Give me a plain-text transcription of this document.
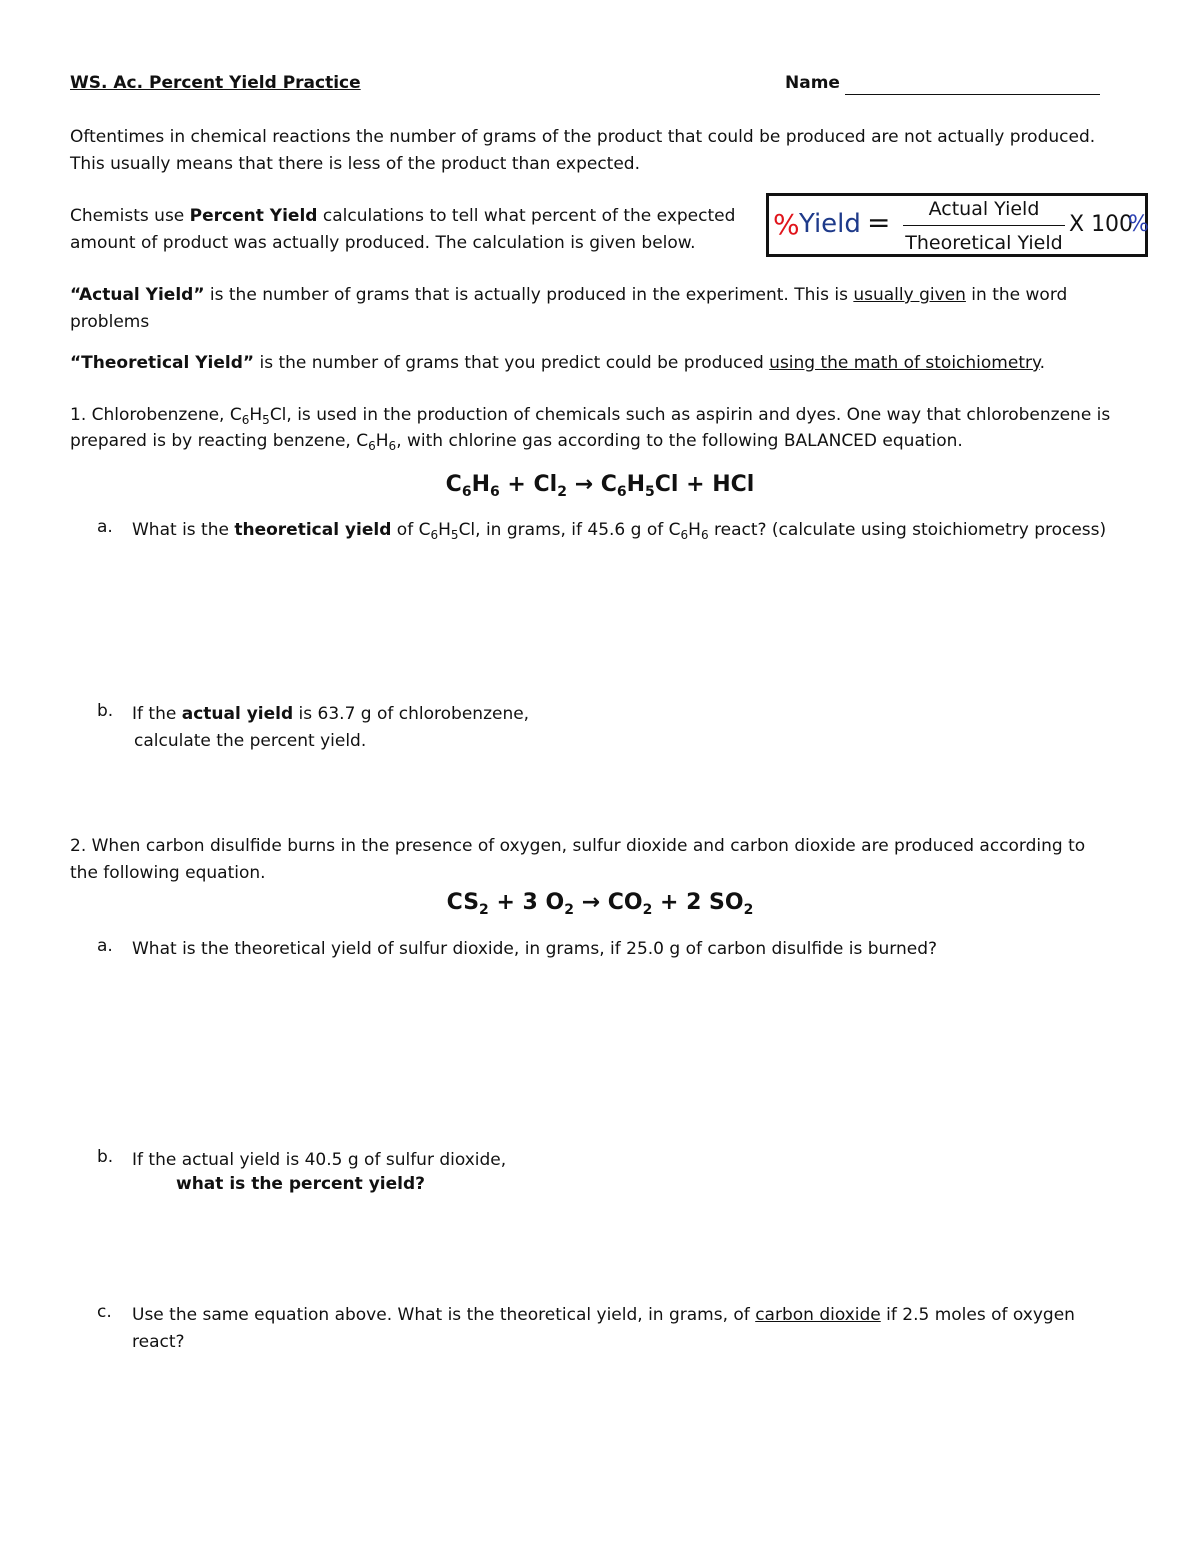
WS. Ac. Percent Yield Practice	Name
Oftentimes in chemical reactions the number of grams of the product that could be produced are not actually produced.
This usually means that there is less of the product than expected.
Chemists use Percent Yield calculations to tell what percent of the expected
amount of product was actually produced. The calculation is given below.
% Yield =	Actual Yield
Theoretical Yield
X 100
%
“Actual Yield” is the number of grams that is actually produced in the experiment. This is usually given in the word
problems
“Theoretical Yield” is the number of grams that you predict could be produced using the math of stoichiometry.
1. Chlorobenzene, $C_6H_5Cl$, is used in the production of chemicals such as aspirin and dyes. One way that chlorobenzene is
prepared is by reacting benzene, $C_6H_6$, with chlorine gas according to the following BALANCED equation.
$C_6H_6 + Cl_2 \to C_6H_5Cl$ + HCl
a. What is the theoretical yield of $C_6H_5Cl$, in grams, if 45.6 g of $C_6H_6$ react? (calculate using stoichiometry process)
b. If the actual yield is 63.7 g of chlorobenzene,
calculate the percent yield.
2. When carbon disulfide burns in the presence of oxygen, sulfur dioxide and carbon dioxide are produced according to
the following equation.
$CS_2 + 3$ $O_2 \to CO_2 + 2$ $SO_2$
a. What is the theoretical yield of sulfur dioxide, in grams, if 25.0 g of carbon disulfide is burned?
b. If the actual yield is 40.5 g of sulfur dioxide,
what is the percent yield?
c. Use the same equation above. What is the theoretical yield, in grams, of carbon dioxide if 2.5 moles of oxygen
react?
